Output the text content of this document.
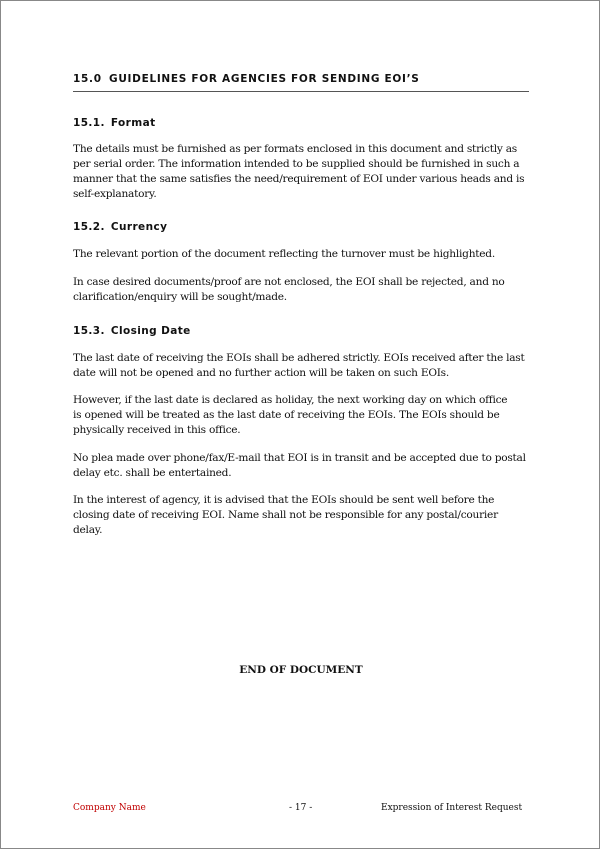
15.0 GUIDELINES FOR AGENCIES FOR SENDING EOI’S
15.1. Format
The details must be furnished as per formats enclosed in this document and strictly as
per serial order. The information intended to be supplied should be furnished in such a
manner that the same satisfies the need/requirement of EOI under various heads and is
self-explanatory.
15.2. Currency
The relevant portion of the document reflecting the turnover must be highlighted.
In case desired documents/proof are not enclosed, the EOI shall be rejected, and no
clarification/enquiry will be sought/made.
15.3. Closing Date
The last date of receiving the EOIs shall be adhered strictly. EOIs received after the last
date will not be opened and no further action will be taken on such EOIs.
However, if the last date is declared as holiday, the next working day on which office
is opened will be treated as the last date of receiving the EOIs. The EOIs should be
physically received in this office.
No plea made over phone/fax/E-mail that EOI is in transit and be accepted due to postal
delay etc. shall be entertained.
In the interest of agency, it is advised that the EOIs should be sent well before the
closing date of receiving EOI. Name shall not be responsible for any postal/courier
delay.
END OF DOCUMENT
Company Name	- 17 -	Expression of Interest Request
